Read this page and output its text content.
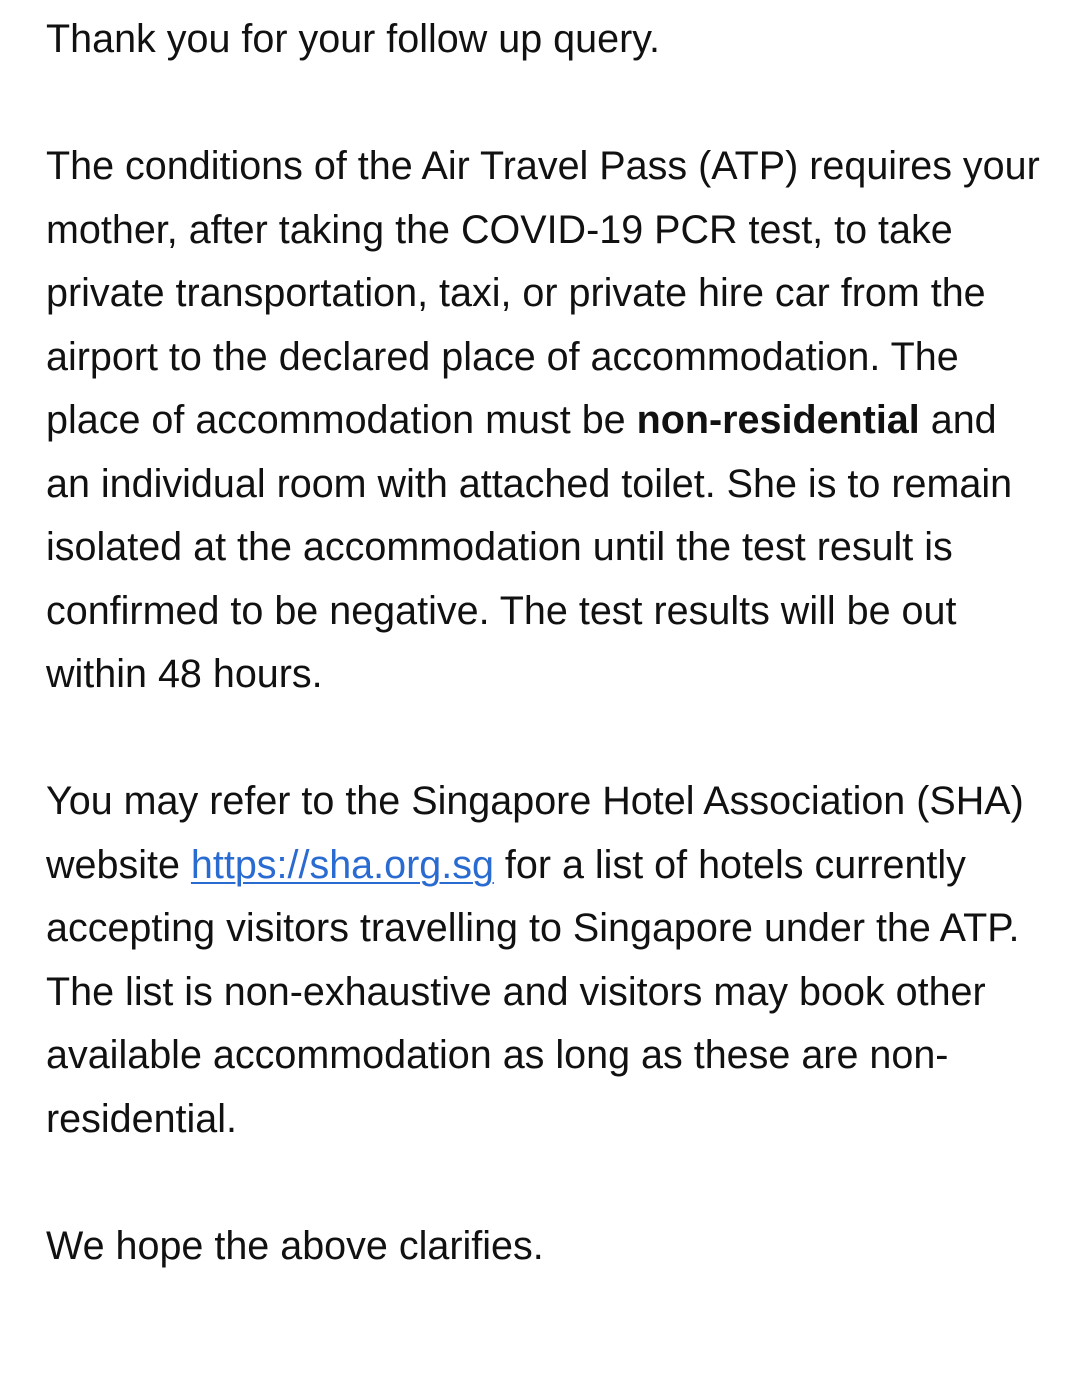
Thank you for your follow up query.

The conditions of the Air Travel Pass (ATP) requires your mother, after taking the COVID-19 PCR test, to take private transportation, taxi, or private hire car from the airport to the declared place of accommodation. The place of accommodation must be non-residential and an individual room with attached toilet. She is to remain isolated at the accommodation until the test result is confirmed to be negative. The test results will be out within 48 hours.

You may refer to the Singapore Hotel Association (SHA) website https://sha.org.sg for a list of hotels currently accepting visitors travelling to Singapore under the ATP. The list is non-exhaustive and visitors may book other available accommodation as long as these are non-residential.

We hope the above clarifies.
